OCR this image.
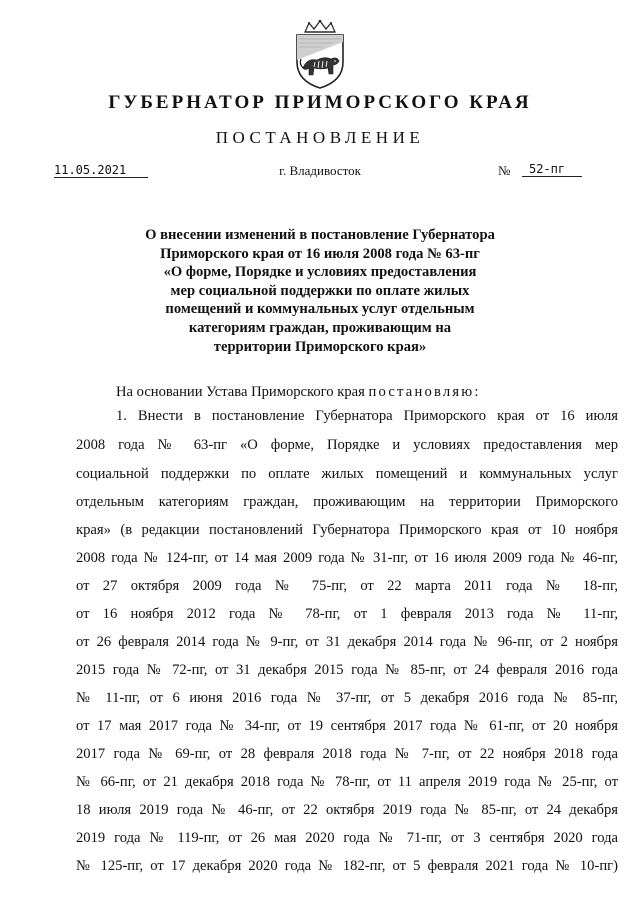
ГУБЕРНАТОР ПРИМОРСКОГО КРАЯ
ПОСТАНОВЛЕНИЕ
11.05.2021	г. Владивосток	№	52-пг
О внесении изменений в постановление Губернатора
Приморского края от 16 июля 2008 года № 63-пг
«О форме, Порядке и условиях предоставления
мер социальной поддержки по оплате жилых
помещений и коммунальных услуг отдельным
категориям граждан, проживающим на
территории Приморского края»
На основании Устава Приморского края постановляю:
1. Внести в постановление Губернатора Приморского края от 16 июля
2008 года № 63-пг «О форме, Порядке и условиях предоставления мер
социальной поддержки по оплате жилых помещений и коммунальных услуг
отдельным категориям граждан, проживающим на территории Приморского
края» (в редакции постановлений Губернатора Приморского края от 10 ноября
2008 года № 124-пг, от 14 мая 2009 года № 31-пг, от 16 июля 2009 года № 46-пг,
от 27 октября 2009 года № 75-пг, от 22 марта 2011 года № 18-пг,
от 16 ноября 2012 года № 78-пг, от 1 февраля 2013 года № 11-пг,
от 26 февраля 2014 года № 9-пг, от 31 декабря 2014 года № 96-пг, от 2 ноября
2015 года № 72-пг, от 31 декабря 2015 года № 85-пг, от 24 февраля 2016 года
№ 11-пг, от 6 июня 2016 года № 37-пг, от 5 декабря 2016 года № 85-пг,
от 17 мая 2017 года № 34-пг, от 19 сентября 2017 года № 61-пг, от 20 ноября
2017 года № 69-пг, от 28 февраля 2018 года № 7-пг, от 22 ноября 2018 года
№ 66-пг, от 21 декабря 2018 года № 78-пг, от 11 апреля 2019 года № 25-пг, от
18 июля 2019 года № 46-пг, от 22 октября 2019 года № 85-пг, от 24 декабря
2019 года № 119-пг, от 26 мая 2020 года № 71-пг, от 3 сентября 2020 года
№ 125-пг, от 17 декабря 2020 года № 182-пг, от 5 февраля 2021 года № 10-пг)
